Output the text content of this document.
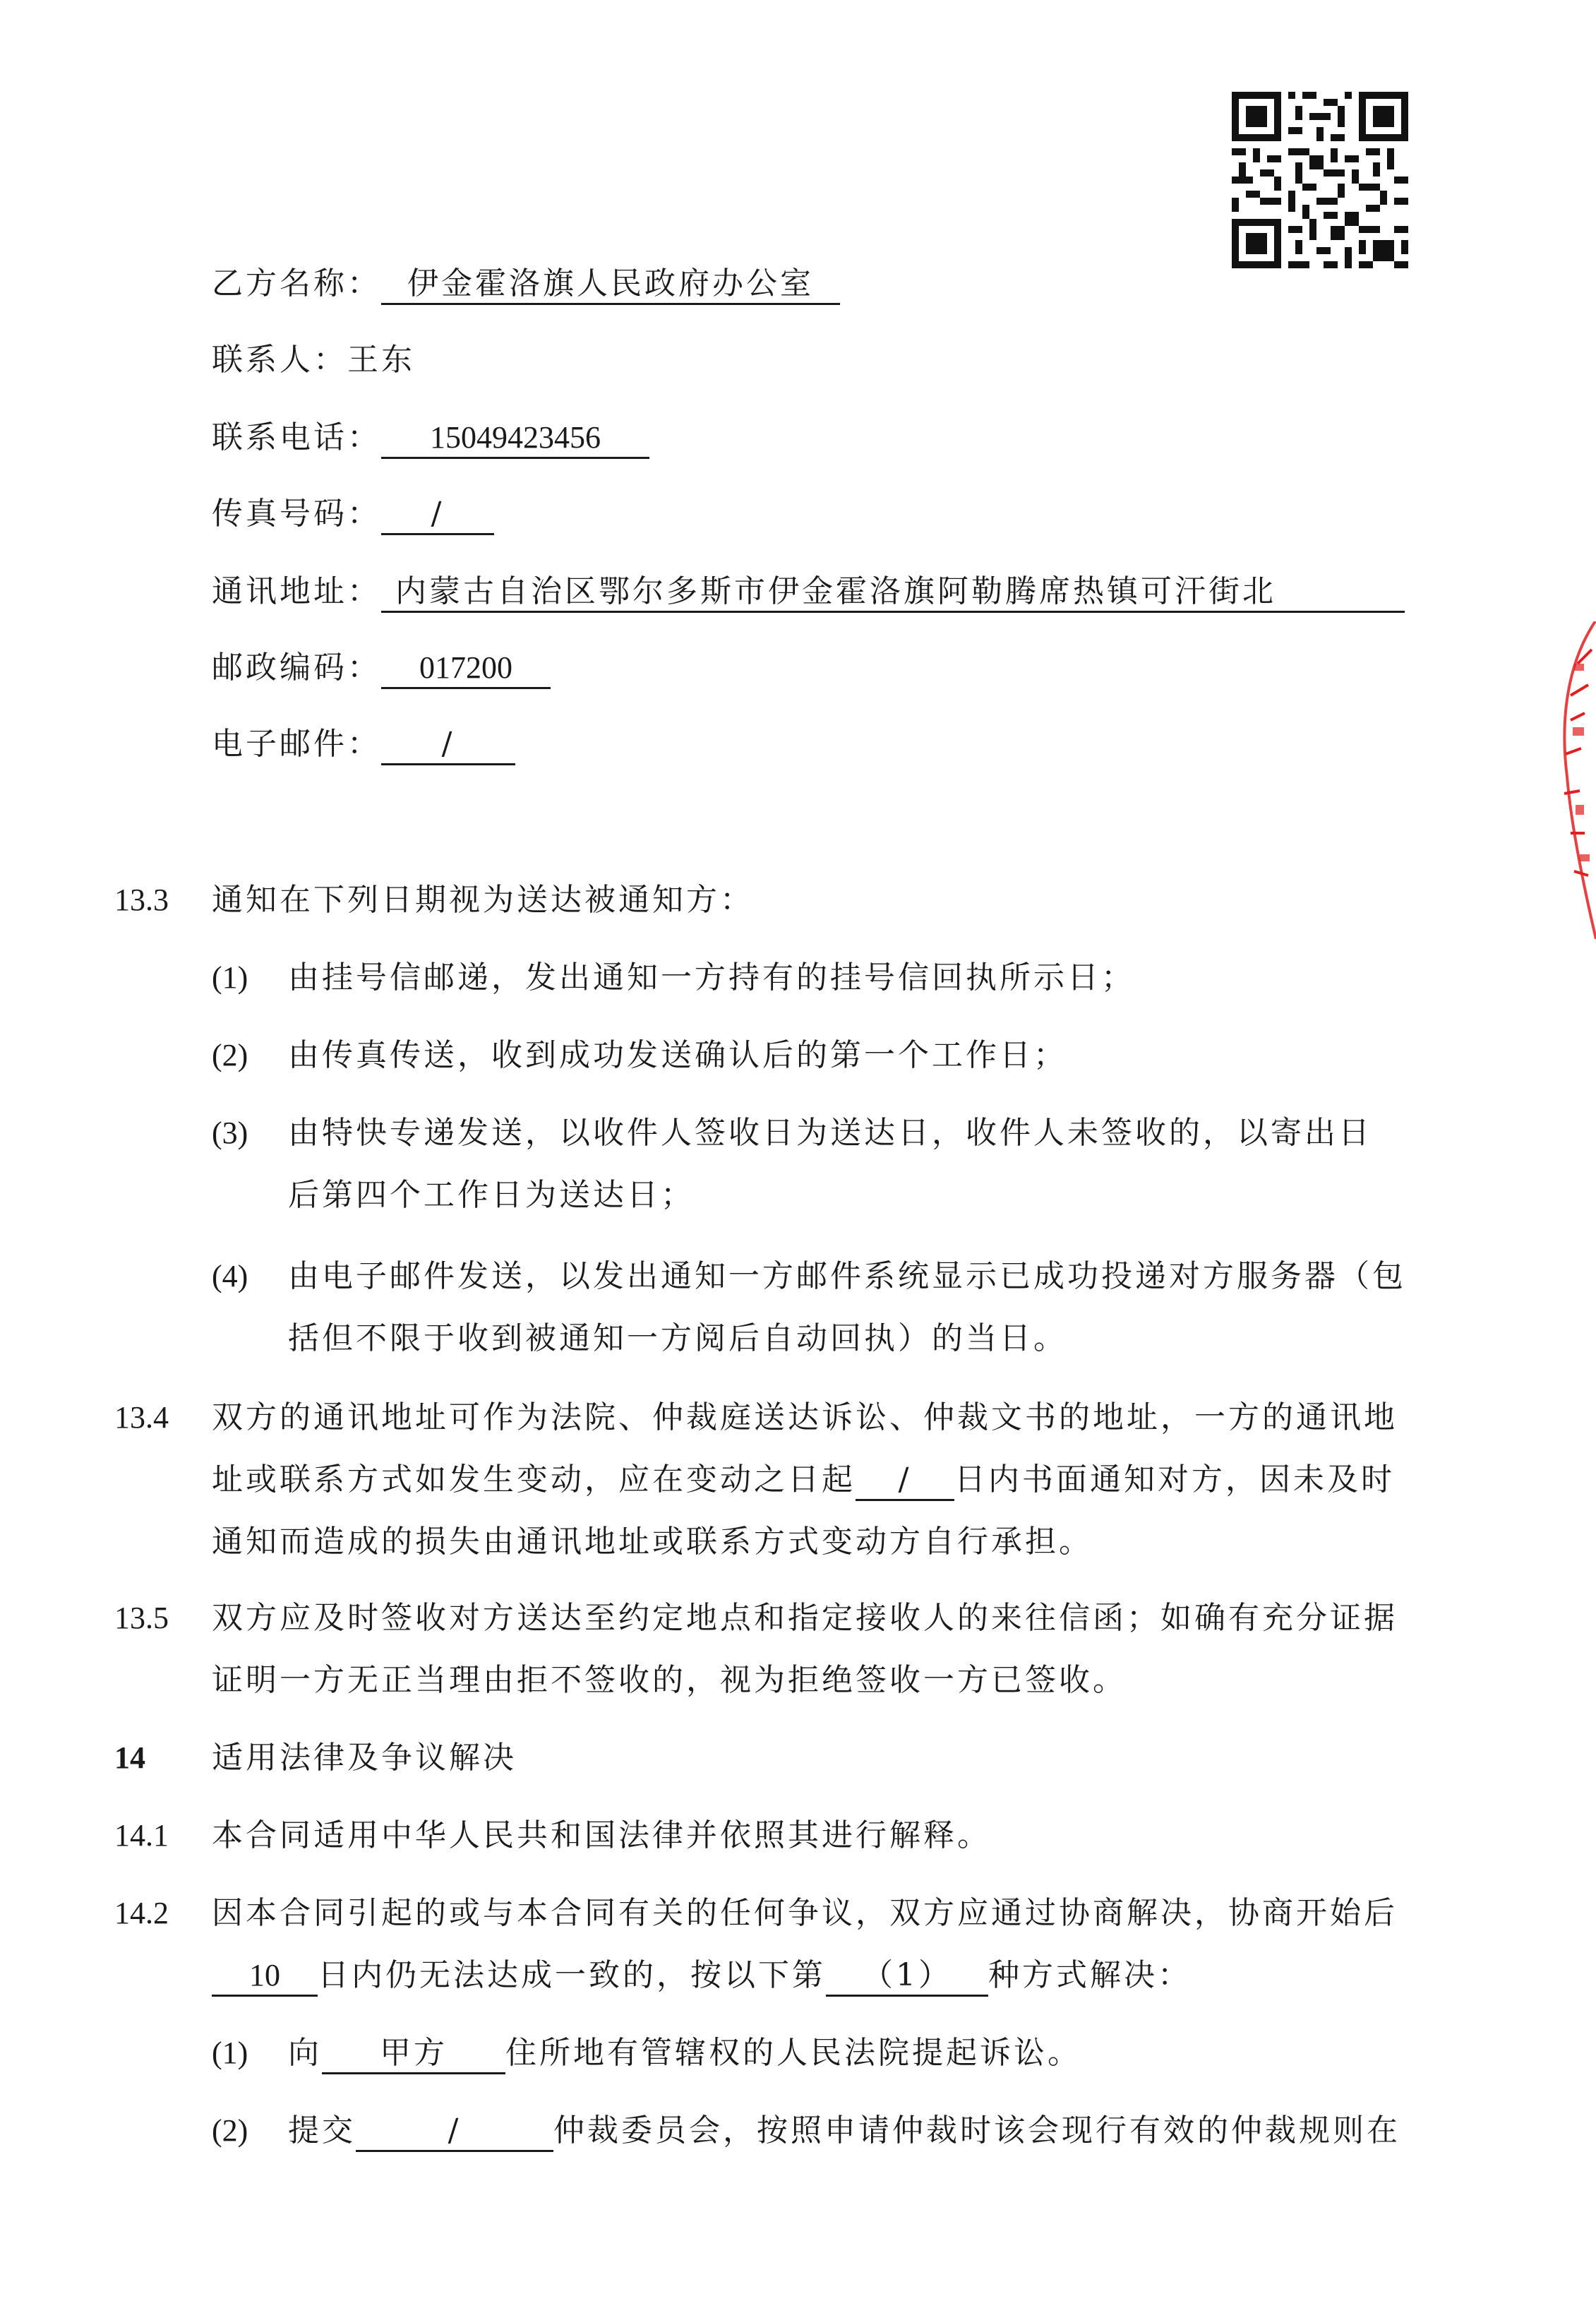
乙方名称： 伊金霍洛旗人民政府办公室
联系人：王东
联系电话： 15049423456
传真号码： /
通讯地址： 内蒙古自治区鄂尔多斯市伊金霍洛旗阿勒腾席热镇可汗街北
邮政编码： 017200
电子邮件： /
13.3 通知在下列日期视为送达被通知方：
(1) 由挂号信邮递，发出通知一方持有的挂号信回执所示日；
(2) 由传真传送，收到成功发送确认后的第一个工作日；
(3) 由特快专递发送，以收件人签收日为送达日，收件人未签收的，以寄出日
后第四个工作日为送达日；
(4) 由电子邮件发送，以发出通知一方邮件系统显示已成功投递对方服务器（包
括但不限于收到被通知一方阅后自动回执）的当日。
13.4 双方的通讯地址可作为法院、仲裁庭送达诉讼、仲裁文书的地址，一方的通讯地
址或联系方式如发生变动，应在变动之日起 / 日内书面通知对方，因未及时
通知而造成的损失由通讯地址或联系方式变动方自行承担。
13.5 双方应及时签收对方送达至约定地点和指定接收人的来往信函；如确有充分证据
证明一方无正当理由拒不签收的，视为拒绝签收一方已签收。
14 适用法律及争议解决
14.1 本合同适用中华人民共和国法律并依照其进行解释。
14.2 因本合同引起的或与本合同有关的任何争议，双方应通过协商解决，协商开始后
10 日内仍无法达成一致的，按以下第 （1） 种方式解决：
(1) 向 甲方 住所地有管辖权的人民法院提起诉讼。
(2) 提交	/	仲裁委员会，按照申请仲裁时该会现行有效的仲裁规则在
